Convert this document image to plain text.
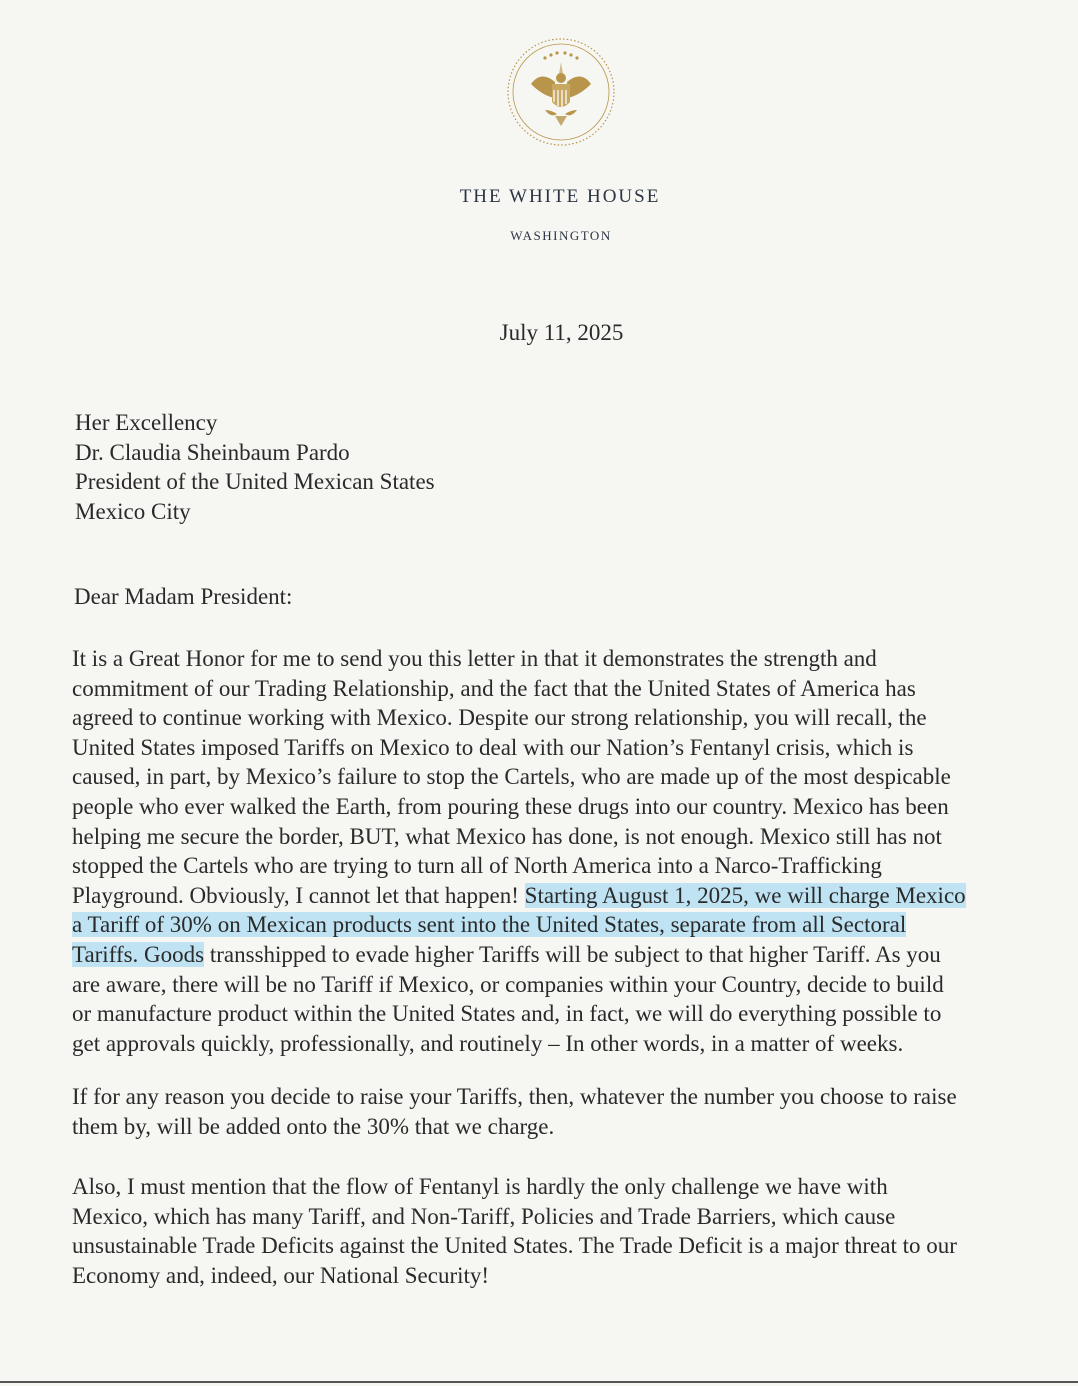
THE WHITE HOUSE
WASHINGTON
July 11, 2025
Her Excellency
Dr. Claudia Sheinbaum Pardo
President of the United Mexican States
Mexico City
Dear Madam President:
It is a Great Honor for me to send you this letter in that it demonstrates the strength and
commitment of our Trading Relationship, and the fact that the United States of America has
agreed to continue working with Mexico. Despite our strong relationship, you will recall, the
United States imposed Tariffs on Mexico to deal with our Nation’s Fentanyl crisis, which is
caused, in part, by Mexico’s failure to stop the Cartels, who are made up of the most despicable
people who ever walked the Earth, from pouring these drugs into our country. Mexico has been
helping me secure the border, BUT, what Mexico has done, is not enough. Mexico still has not
stopped the Cartels who are trying to turn all of North America into a Narco-Trafficking
Playground. Obviously, I cannot let that happen! Starting August 1, 2025, we will charge Mexico
a Tariff of 30% on Mexican products sent into the United States, separate from all Sectoral
Tariffs. Goods transshipped to evade higher Tariffs will be subject to that higher Tariff. As you
are aware, there will be no Tariff if Mexico, or companies within your Country, decide to build
or manufacture product within the United States and, in fact, we will do everything possible to
get approvals quickly, professionally, and routinely – In other words, in a matter of weeks.
If for any reason you decide to raise your Tariffs, then, whatever the number you choose to raise
them by, will be added onto the 30% that we charge.
Also, I must mention that the flow of Fentanyl is hardly the only challenge we have with
Mexico, which has many Tariff, and Non-Tariff, Policies and Trade Barriers, which cause
unsustainable Trade Deficits against the United States. The Trade Deficit is a major threat to our
Economy and, indeed, our National Security!
